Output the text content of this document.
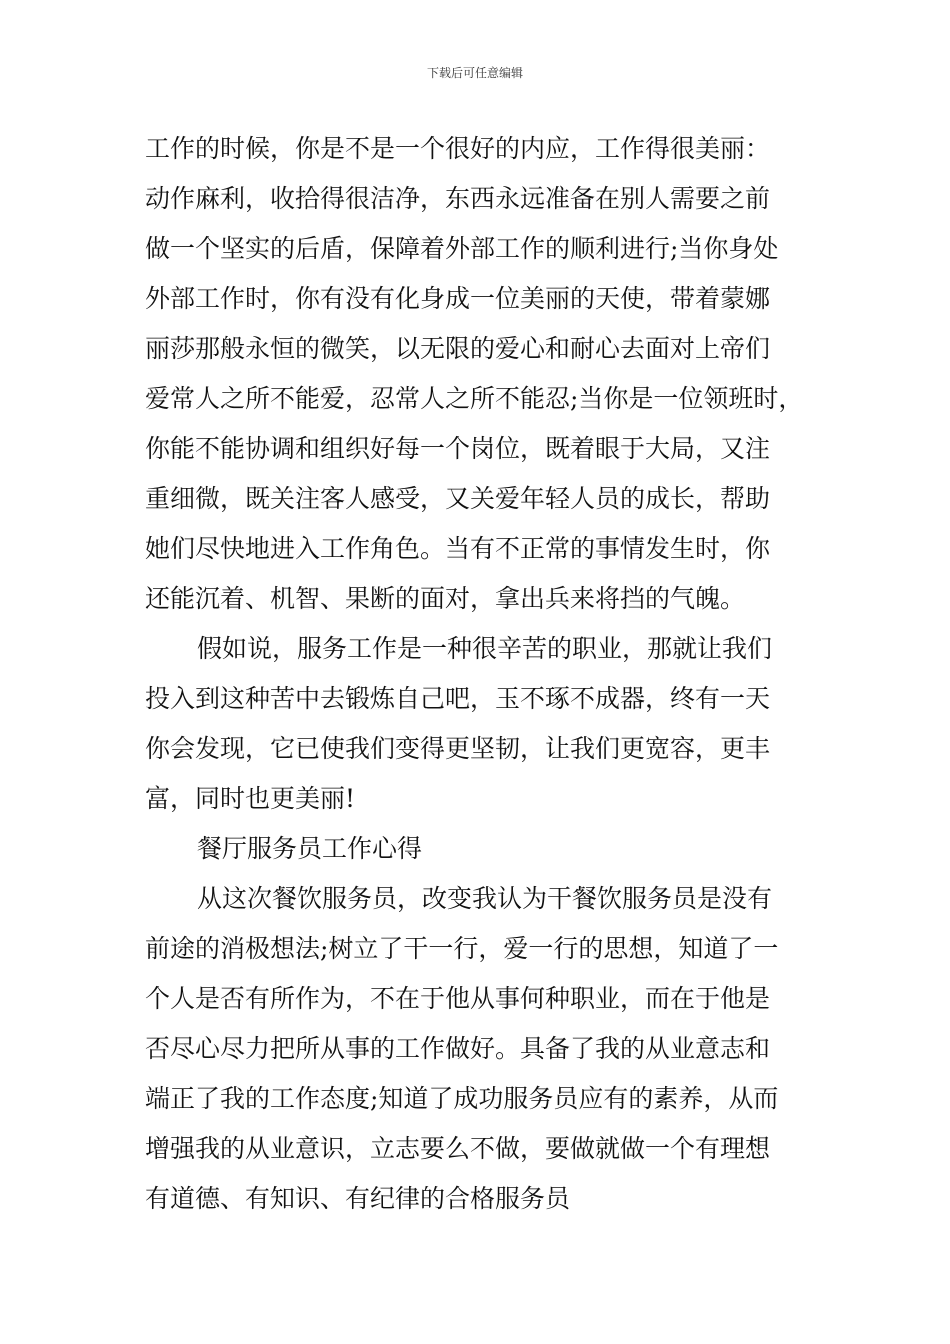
下载后可任意编辑
工作的时候，你是不是一个很好的内应，工作得很美丽：
动作麻利，收拾得很洁净，东西永远准备在别人需要之前
做一个坚实的后盾，保障着外部工作的顺利进行;当你身处
外部工作时，你有没有化身成一位美丽的天使，带着蒙娜
丽莎那般永恒的微笑，以无限的爱心和耐心去面对上帝们
爱常人之所不能爱，忍常人之所不能忍;当你是一位领班时，
你能不能协调和组织好每一个岗位，既着眼于大局，又注
重细微，既关注客人感受，又关爱年轻人员的成长，帮助
她们尽快地进入工作角色。当有不正常的事情发生时，你
还能沉着、机智、果断的面对，拿出兵来将挡的气魄。
假如说，服务工作是一种很辛苦的职业，那就让我们
投入到这种苦中去锻炼自己吧，玉不琢不成器，终有一天
你会发现，它已使我们变得更坚韧，让我们更宽容，更丰
富，同时也更美丽!
餐厅服务员工作心得
从这次餐饮服务员，改变我认为干餐饮服务员是没有
前途的消极想法;树立了干一行，爱一行的思想，知道了一
个人是否有所作为，不在于他从事何种职业，而在于他是
否尽心尽力把所从事的工作做好。具备了我的从业意志和
端正了我的工作态度;知道了成功服务员应有的素养，从而
增强我的从业意识，立志要么不做，要做就做一个有理想
有道德、有知识、有纪律的合格服务员
